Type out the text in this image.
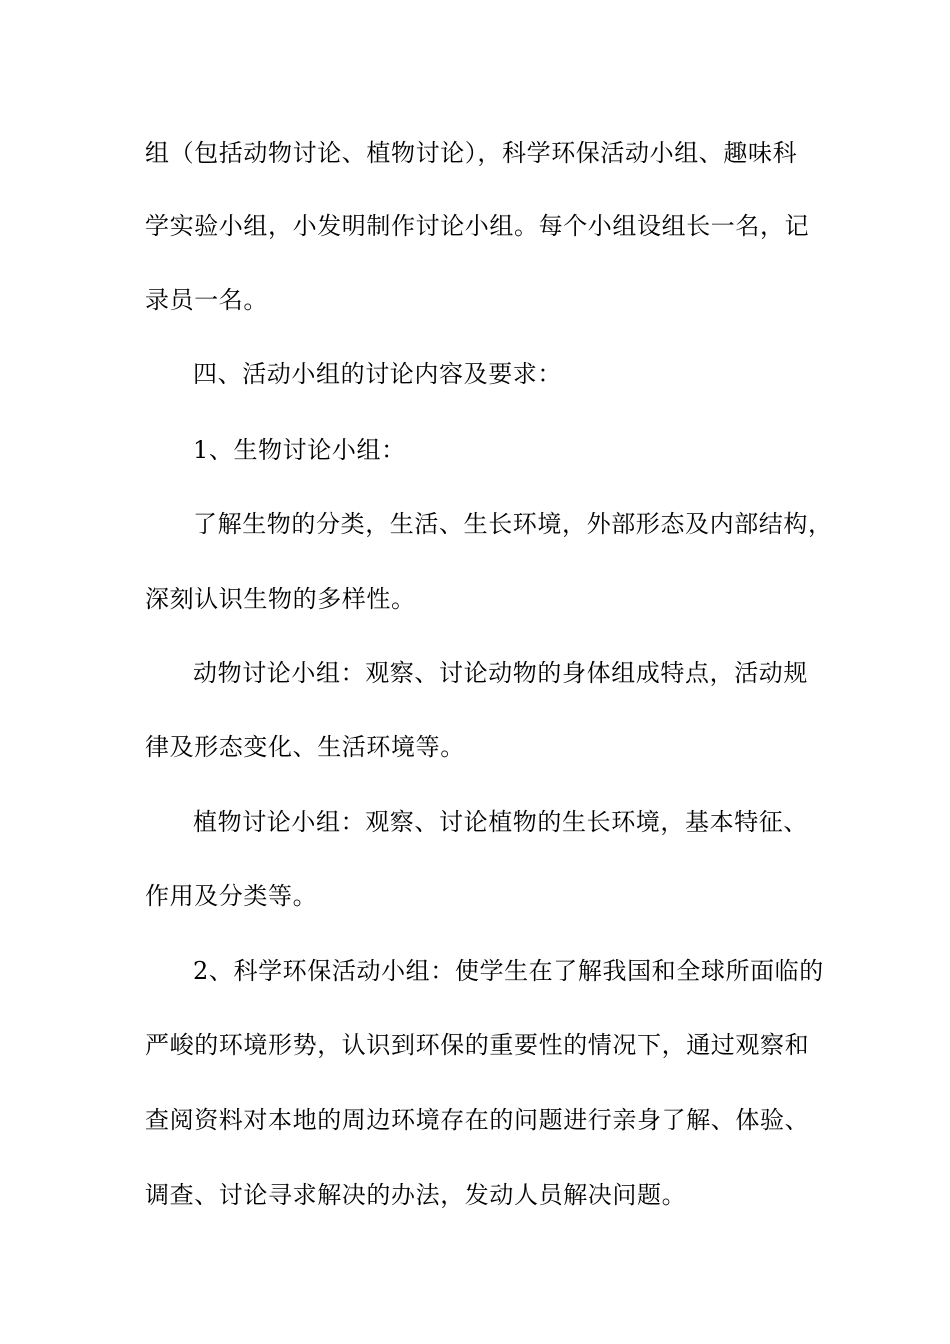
组（包括动物讨论、植物讨论），科学环保活动小组、趣味科
学实验小组，小发明制作讨论小组。每个小组设组长一名，记
录员一名。
四、活动小组的讨论内容及要求：
1、生物讨论小组：
了解生物的分类，生活、生长环境，外部形态及内部结构，
深刻认识生物的多样性。
动物讨论小组：观察、讨论动物的身体组成特点，活动规
律及形态变化、生活环境等。
植物讨论小组：观察、讨论植物的生长环境，基本特征、
作用及分类等。
2、科学环保活动小组：使学生在了解我国和全球所面临的
严峻的环境形势，认识到环保的重要性的情况下，通过观察和
查阅资料对本地的周边环境存在的问题进行亲身了解、体验、
调查、讨论寻求解决的办法，发动人员解决问题。
